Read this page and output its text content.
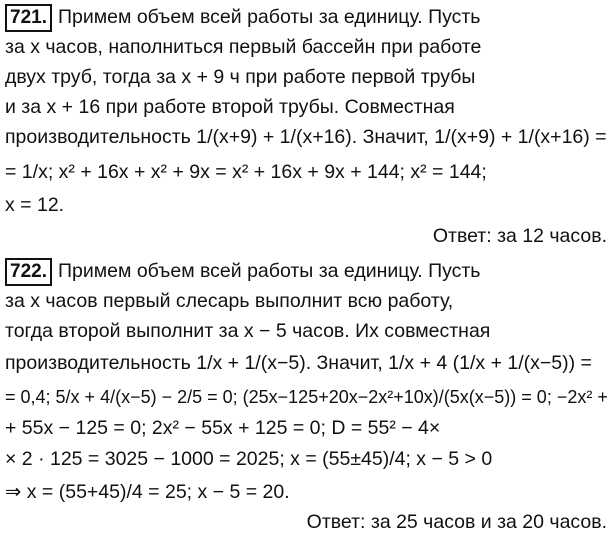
721. Примем объем всей работы за единицу. Пусть
за x часов, наполниться первый бассейн при работе
двух труб, тогда за x + 9 ч при работе первой трубы
и за x + 16 при работе второй трубы. Совместная
производительность 1/(x+9) + 1/(x+16). Значит, 1/(x+9) + 1/(x+16) =
= 1/x; x² + 16x + x² + 9x = x² + 16x + 9x + 144; x² = 144;
x = 12.
Ответ: за 12 часов.
722. Примем объем всей работы за единицу. Пусть
за x часов первый слесарь выполнит всю работу,
тогда второй выполнит за x − 5 часов. Их совместная
производительность 1/x + 1/(x−5). Значит, 1/x + 4 (1/x + 1/(x−5)) =
= 0,4; 5/x + 4/(x−5) − 2/5 = 0; (25x−125+20x−2x²+10x)/(5x(x−5)) = 0; −2x² +
+ 55x − 125 = 0; 2x² − 55x + 125 = 0; D = 55² − 4×
× 2 · 125 = 3025 − 1000 = 2025; x = (55±45)/4; x − 5 > 0
⇒ x = (55+45)/4 = 25; x − 5 = 20.
Ответ: за 25 часов и за 20 часов.
